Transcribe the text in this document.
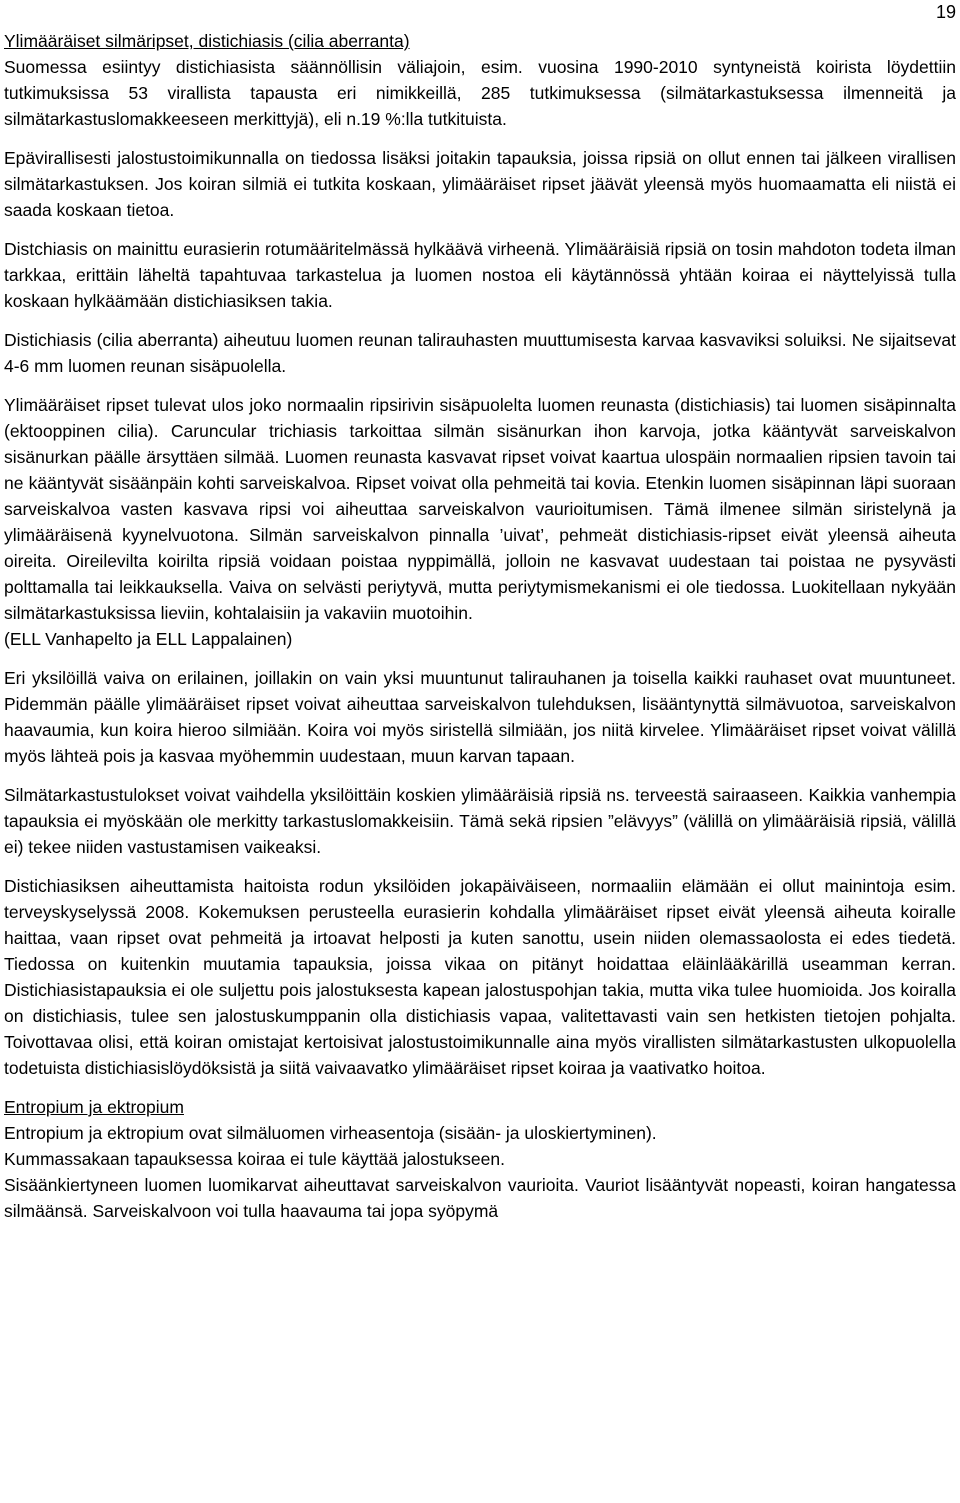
19

Ylimääräiset silmäripset, distichiasis (cilia aberranta)
Suomessa esiintyy distichiasista säännöllisin väliajoin, esim. vuosina 1990-2010 syntyneistä koirista löydettiin tutkimuksissa 53 virallista tapausta eri nimikkeillä, 285 tutkimuksessa (silmätarkastuksessa ilmenneitä ja silmätarkastuslomakkeeseen merkittyjä), eli n.19 %:lla tutkituista.

Epävirallisesti jalostustoimikunnalla on tiedossa lisäksi joitakin tapauksia, joissa ripsiä on ollut ennen tai jälkeen virallisen silmätarkastuksen. Jos koiran silmiä ei tutkita koskaan, ylimääräiset ripset jäävät yleensä myös huomaamatta eli niistä ei saada koskaan tietoa.

Distchiasis on mainittu eurasierin rotumääritelmässä hylkäävä virheenä. Ylimääräisiä ripsiä on tosin mahdoton todeta ilman tarkkaa, erittäin läheltä tapahtuvaa tarkastelua ja luomen nostoa eli käytännössä yhtään koiraa ei näyttelyissä tulla koskaan hylkäämään distichiasiksen takia.

Distichiasis (cilia aberranta) aiheutuu luomen reunan talirauhasten muuttumisesta karvaa kasvaviksi soluiksi. Ne sijaitsevat 4-6 mm luomen reunan sisäpuolella.

Ylimääräiset ripset tulevat ulos joko normaalin ripsirivin sisäpuolelta luomen reunasta (distichiasis) tai luomen sisäpinnalta (ektooppinen cilia). Caruncular trichiasis tarkoittaa silmän sisänurkan ihon karvoja, jotka kääntyvät sarveiskalvon sisänurkan päälle ärsyttäen silmää. Luomen reunasta kasvavat ripset voivat kaartua ulospäin normaalien ripsien tavoin tai ne kääntyvät sisäänpäin kohti sarveiskalvoa. Ripset voivat olla pehmeitä tai kovia. Etenkin luomen sisäpinnan läpi suoraan sarveiskalvoa vasten kasvava ripsi voi aiheuttaa sarveiskalvon vaurioitumisen. Tämä ilmenee silmän siristelynä ja ylimääräisenä kyynelvuotona. Silmän sarveiskalvon pinnalla ’uivat’, pehmeät distichiasis-ripset eivät yleensä aiheuta oireita. Oireilevilta koirilta ripsiä voidaan poistaa nyppimällä, jolloin ne kasvavat uudestaan tai poistaa ne pysyvästi polttamalla tai leikkauksella. Vaiva on selvästi periytyvä, mutta periytymismekanismi ei ole tiedossa. Luokitellaan nykyään silmätarkastuksissa lieviin, kohtalaisiin ja vakaviin muotoihin.
(ELL Vanhapelto ja ELL Lappalainen)

Eri yksilöillä vaiva on erilainen, joillakin on vain yksi muuntunut talirauhanen ja toisella kaikki rauhaset ovat muuntuneet. Pidemmän päälle ylimääräiset ripset voivat aiheuttaa sarveiskalvon tulehduksen, lisääntynyttä silmävuotoa, sarveiskalvon haavaumia, kun koira hieroo silmiään. Koira voi myös siristellä silmiään, jos niitä kirvelee. Ylimääräiset ripset voivat välillä myös lähteä pois ja kasvaa myöhemmin uudestaan, muun karvan tapaan.

Silmätarkastustulokset voivat vaihdella yksilöittäin koskien ylimääräisiä ripsiä ns. terveestä sairaaseen. Kaikkia vanhempia tapauksia ei myöskään ole merkitty tarkastuslomakkeisiin. Tämä sekä ripsien ”elävyys” (välillä on ylimääräisiä ripsiä, välillä ei) tekee niiden vastustamisen vaikeaksi.

Distichiasiksen aiheuttamista haitoista rodun yksilöiden jokapäiväiseen, normaaliin elämään ei ollut mainintoja esim. terveyskyselyssä 2008. Kokemuksen perusteella eurasierin kohdalla ylimääräiset ripset eivät yleensä aiheuta koiralle haittaa, vaan ripset ovat pehmeitä ja irtoavat helposti ja kuten sanottu, usein niiden olemassaolosta ei edes tiedetä. Tiedossa on kuitenkin muutamia tapauksia, joissa vikaa on pitänyt hoidattaa eläinlääkärillä useamman kerran. Distichiasistapauksia ei ole suljettu pois jalostuksesta kapean jalostuspohjan takia, mutta vika tulee huomioida. Jos koiralla on distichiasis, tulee sen jalostuskumppanin olla distichiasis vapaa, valitettavasti vain sen hetkisten tietojen pohjalta. Toivottavaa olisi, että koiran omistajat kertoisivat jalostustoimikunnalle aina myös virallisten silmätarkastusten ulkopuolella todetuista distichiasislöydöksistä ja siitä vaivaavatko ylimääräiset ripset koiraa ja vaativatko hoitoa.

Entropium ja ektropium
Entropium ja ektropium ovat silmäluomen virheasentoja (sisään- ja uloskiertyminen).
Kummassakaan tapauksessa koiraa ei tule käyttää jalostukseen.
Sisäänkiertyneen luomen luomikarvat aiheuttavat sarveiskalvon vaurioita. Vauriot lisääntyvät nopeasti, koiran hangatessa silmäänsä. Sarveiskalvoon voi tulla haavauma tai jopa syöpymä
